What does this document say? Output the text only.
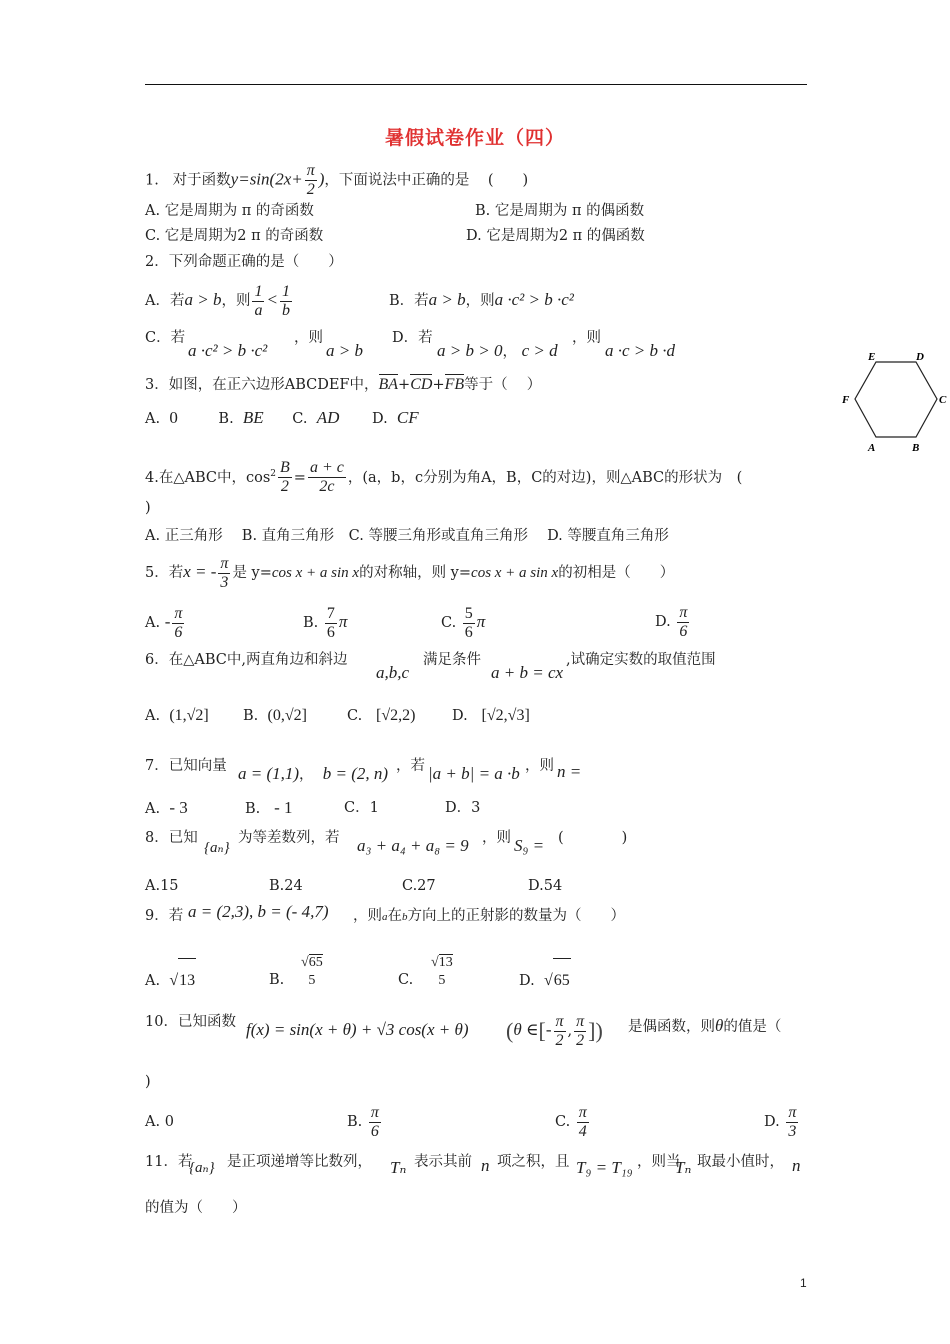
暑假试卷作业（四）
1. 对于函数$y=\sin(2x+ \frac{\pi}{2}$ )，下面说法中正确的是 (　　)
A. 它是周期为 π 的奇函数	B. 它是周期为 π 的偶函数
C. 它是周期为2 π 的奇函数	D. 它是周期为2 π 的偶函数
2．下列命题正确的是（　　）
A．若a > b，则 $\frac{1}{a} < \frac{1}{b}$	B．若a > b，则a ·c² > b ·c²
C．若
a ·c² > b ·c²
，则
a > b
D．若
a > b > 0， c > d
，则
a ·c > b ·d
3．如图，在正六边形ABCDEF中，BA+CD+FB等于（　 ）
A. 0	B. BE C. AD D. CF
E	D
F	C
A	B
4.在△ABC中，$\cos^2 \frac{B}{2} = \frac{a + c}{2c}$ ，(a，b，c分别为角A，B，C的对边)，则△ABC的形状为　(
)
A. 正三角形　 B. 直角三角形　C. 等腰三角形或直角三角形　 D. 等腰直角三角形
5．若x = - $\frac{\pi}{3}$ 是 y=cos x + a sin x的对称轴，则 y=cos x + a sin x的初相是（　　）
A. - $\frac{\pi}{6}$	B. $\frac{7}{6}$ π	C. $\frac{5}{6}$ π	D. $\frac{\pi}{6}$
6．在△ABC中,两直角边和斜边
a,b,c
满足条件
a + b = cx
,试确定实数的取值范围
A. (1,√2] B. (0,√2]	C. [√2,2)	D. [√2,√3]
7．已知向量 a = (1,1)， b = (2, n) ，若 |a + b| = a ·b ，则 n =
A. - 3	B. - 1	C．1	D．3
8．已知
{aₙ}
为等差数列，若 a₃ + a₄ + a₈ = 9 ，则 S₉ = (　　　　)
A.15	B.24	C.27	D.54
9．若 a = (2,3), b = (- 4,7) ，则a在b方向上的正射影的数量为（　　）
A. √13	B.
√65
5	C.
√13
5	D. √65
10．已知函数 f(x) = sin(x + θ) + √3 cos(x + θ) (θ ∈[- $\frac{\pi}{2}$ , $\frac{\pi}{2}$ ]) 是偶函数，则θ的值是（
)
A. 0	B. $\frac{\pi}{6}$	C. $\frac{\pi}{4}$	D. $\frac{\pi}{3}$
11．若
{aₙ} 是正项递增等比数列， Tₙ 表示其前 n 项之积，且 T₉ = T₁₉ ，则当
Tₙ 取最小值时， n
的值为（　　）
1
